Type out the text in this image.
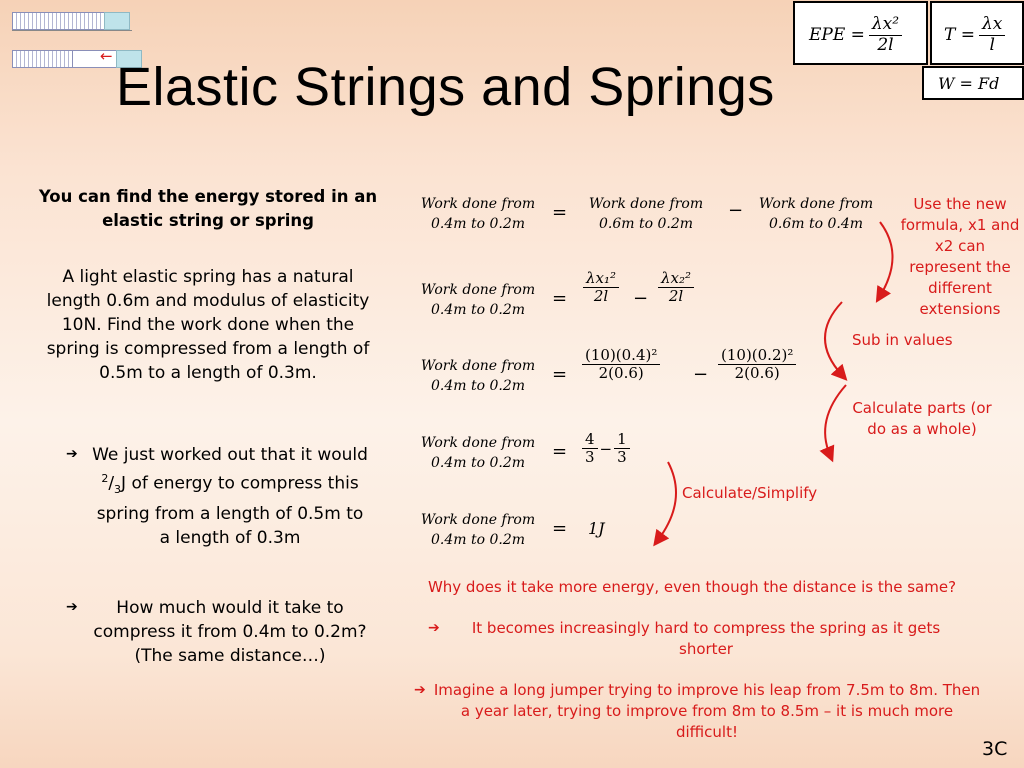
←
EPE = $\frac{\text{λx²}}{2l}$ $T = \frac{\lambda x}{l}$
W = Fd
Elastic Strings and Springs
You can find the energy stored in an elastic string or spring
A light elastic spring has a natural length 0.6m and modulus of elasticity 10N. Find the work done when the spring is compressed from a length of 0.5m to a length of 0.3m.
➔ We just worked out that it would $^2/_3J$ of energy to compress this spring from a length of 0.5m to a length of 0.3m
➔	How much would it take to compress it from 0.4m to 0.2m? (The same distance…)
Work done from
0.4m to 0.2m
=	Work done from
0.6m to 0.2m
−	Work done from
0.6m to 0.4m
Work done from
0.4m to 0.2m
= $\frac{\text{λx₁²}}{2l} - \frac{\text{λx₂²}}{2l}$
Work done from
0.4m to 0.2m
= $\frac{\text{(10)(0.4)²}}{2(0.6)} - \frac{\text{(10)(0.2)²}}{2(0.6)}$
Work done from
0.4m to 0.2m
= $\frac{4}{3} - \frac{1}{3}$
Work done from
0.4m to 0.2m
= 1J
Use the new formula, x1 and x2 can represent the different extensions
Sub in values
Calculate parts (or do as a whole)
Calculate/Simplify
Why does it take more energy, even though the distance is the same?
➔	It becomes increasingly hard to compress the spring as it gets shorter
➔ Imagine a long jumper trying to improve his leap from 7.5m to 8m. Then a year later, trying to improve from 8m to 8.5m – it is much more difficult!
3C
